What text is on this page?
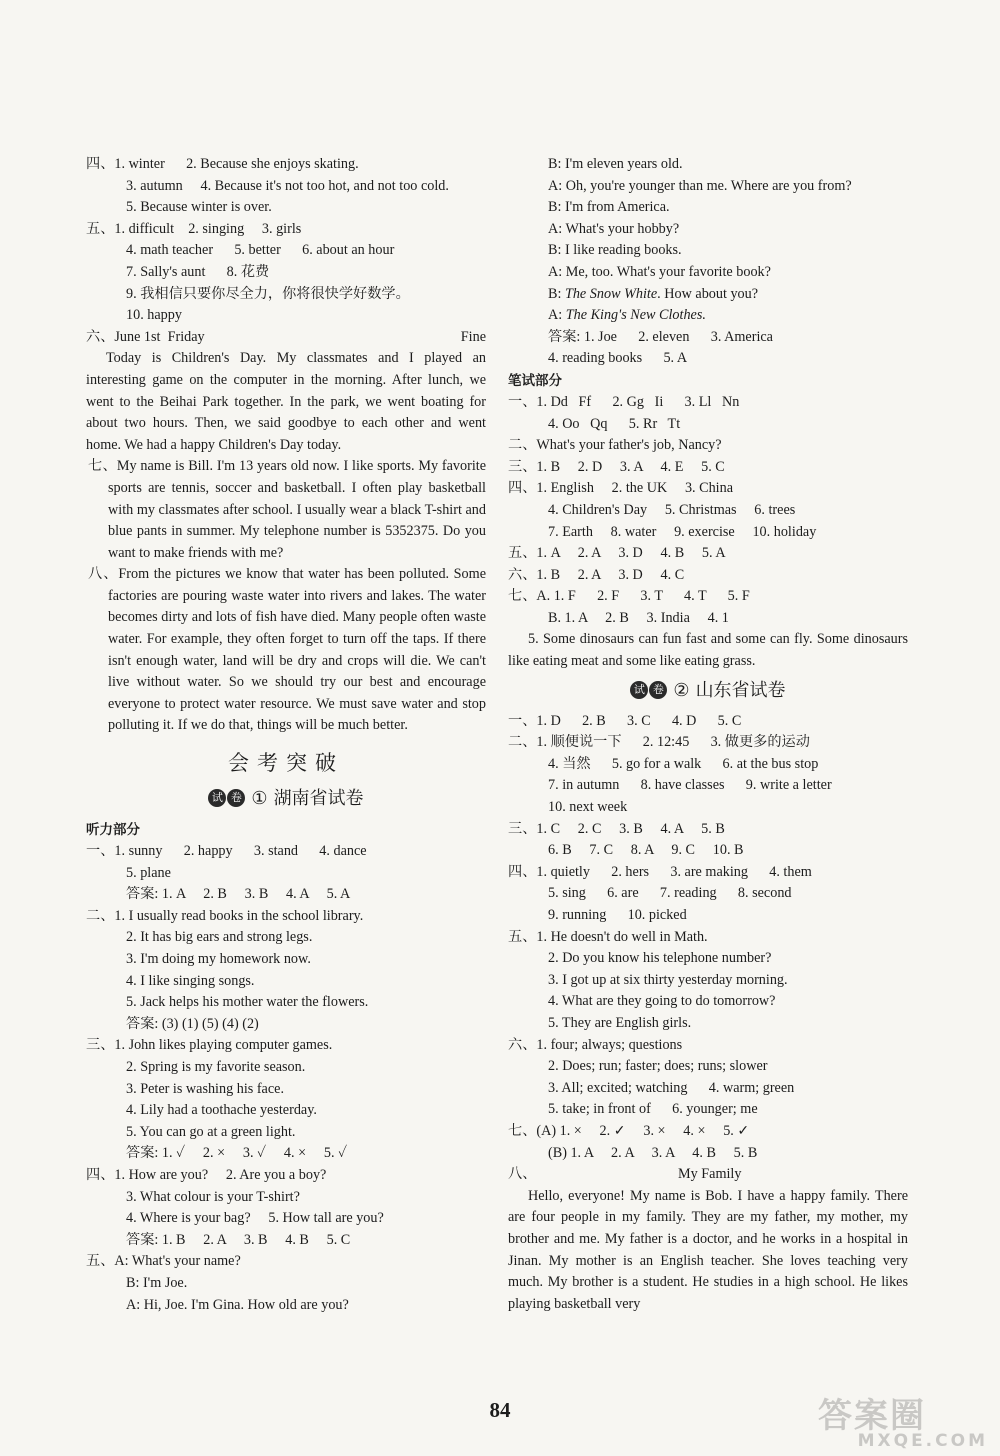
四、1. winter      2. Because she enjoys skating.
3. autumn     4. Because it's not too hot, and not too cold.
5. Because winter is over.
五、1. difficult    2. singing     3. girls
4. math teacher      5. better      6. about an hour
7. Sally's aunt      8. 花费
9. 我相信只要你尽全力，你将很快学好数学。
10. happy
六、June 1st  Friday	Fine
Today is Children's Day. My classmates and I played an interesting game on the computer in the morning. After lunch, we went to the Beihai Park together. In the park, we went boating for about two hours. Then, we said goodbye to each other and went home. We had a happy Children's Day today.
七、My name is Bill. I'm 13 years old now. I like sports. My favorite sports are tennis, soccer and basketball. I often play basketball with my classmates after school. I usually wear a black T-shirt and blue pants in summer. My telephone number is 5352375. Do you want to make friends with me?
八、From the pictures we know that water has been polluted. Some factories are pouring waste water into rivers and lakes. The water becomes dirty and lots of fish have died. Many people often waste water. For example, they often forget to turn off the taps. If there isn't enough water, land will be dry and crops will die. We can't live without water. So we should try our best and encourage everyone to protect water resource. We must save water and stop polluting it. If we do that, things will be much better.
会考突破
试 卷 ① 湖南省试卷
听力部分
一、1. sunny      2. happy      3. stand      4. dance
5. plane
答案: 1. A     2. B     3. B     4. A     5. A
二、1. I usually read books in the school library.
2. It has big ears and strong legs.
3. I'm doing my homework now.
4. I like singing songs.
5. Jack helps his mother water the flowers.
答案: (3) (1) (5) (4) (2)
三、1. John likes playing computer games.
2. Spring is my favorite season.
3. Peter is washing his face.
4. Lily had a toothache yesterday.
5. You can go at a green light.
答案: 1. ✓     2. ×     3. ✓     4. ×     5. ✓
四、1. How are you?     2. Are you a boy?
3. What colour is your T-shirt?
4. Where is your bag?     5. How tall are you?
答案: 1. B     2. A     3. B     4. B     5. C
五、A: What's your name?
B: I'm Joe.
A: Hi, Joe. I'm Gina. How old are you?
B: I'm eleven years old.
A: Oh, you're younger than me. Where are you from?
B: I'm from America.
A: What's your hobby?
B: I like reading books.
A: Me, too. What's your favorite book?
B: The Snow White. How about you?
A: The King's New Clothes.
答案: 1. Joe      2. eleven      3. America
4. reading books      5. A
笔试部分
一、1. Dd   Ff      2. Gg   Ii      3. Ll   Nn
4. Oo   Qq      5. Rr   Tt
二、What's your father's job, Nancy?
三、1. B     2. D     3. A     4. E     5. C
四、1. English     2. the UK     3. China
4. Children's Day     5. Christmas     6. trees
7. Earth     8. water     9. exercise     10. holiday
五、1. A     2. A     3. D     4. B     5. A
六、1. B     2. A     3. D     4. C
七、A. 1. F      2. F      3. T      4. T      5. F
B. 1. A     2. B     3. India     4. 1
5. Some dinosaurs can fun fast and some can fly. Some dinosaurs like eating meat and some like eating grass.
试 卷 ② 山东省试卷
一、1. D      2. B      3. C      4. D      5. C
二、1. 顺便说一下      2. 12:45      3. 做更多的运动
4. 当然      5. go for a walk      6. at the bus stop
7. in autumn      8. have classes      9. write a letter
10. next week
三、1. C     2. C     3. B     4. A     5. B
6. B     7. C     8. A     9. C     10. B
四、1. quietly      2. hers      3. are making      4. them
5. sing      6. are      7. reading      8. second
9. running      10. picked
五、1. He doesn't do well in Math.
2. Do you know his telephone number?
3. I got up at six thirty yesterday morning.
4. What are they going to do tomorrow?
5. They are English girls.
六、1. four; always; questions
2. Does; run; faster; does; runs; slower
3. All; excited; watching      4. warm; green
5. take; in front of      6. younger; me
七、(A) 1. ×     2. ✓     3. ×     4. ×     5. ✓
(B) 1. A     2. A     3. A     4. B     5. B
八、	My Family
Hello, everyone! My name is Bob. I have a happy family. There are four people in my family. They are my father, my mother, my brother and me. My father is a doctor, and he works in a hospital in Jinan. My mother is an English teacher. She loves teaching very much. My brother is a student. He studies in a high school. He likes playing basketball very
84	答案圈
MXQE.COM
